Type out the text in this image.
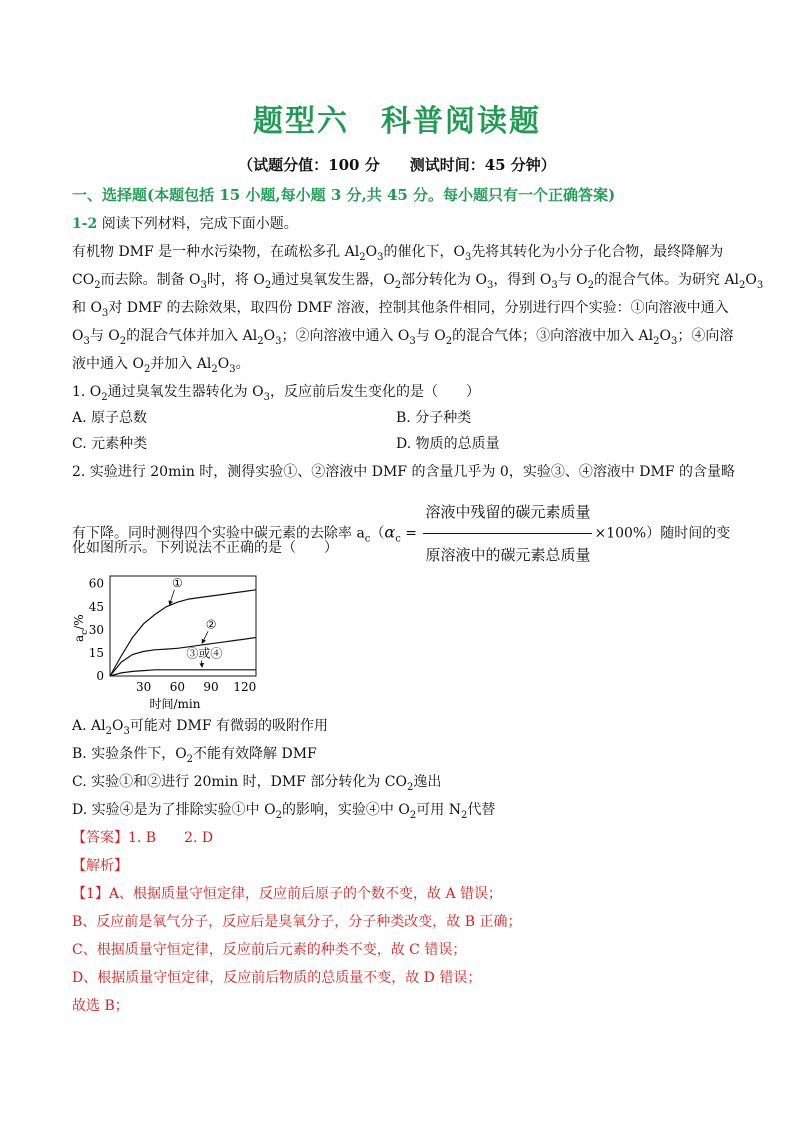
题型六　科普阅读题
（试题分值：100 分　　测试时间：45 分钟）
一、选择题(本题包括 15 小题,每小题 3 分,共 45 分。每小题只有一个正确答案)
1-2 阅读下列材料，完成下面小题。
有机物 DMF 是一种水污染物，在疏松多孔 $Al_2O_3$的催化下，$O_3$先将其转化为小分子化合物，最终降解为
$CO_2$而去除。制备 $O_3$时，将 $O_2$通过臭氧发生器，$O_2$部分转化为 $O_3$，得到 $O_3$与 $O_2$的混合气体。为研究 $Al_2O_3$
和 $O_3$对 DMF 的去除效果，取四份 DMF 溶液，控制其他条件相同，分别进行四个实验：①向溶液中通入
$O_3$与 $O_2$的混合气体并加入 $Al_2O_3$；②向溶液中通入 $O_3$与 $O_2$的混合气体；③向溶液中加入 $Al_2O_3$；④向溶
液中通入 $O_2$并加入 $Al_2O_3$。
1. $O_2$通过臭氧发生器转化为 $O_3$，反应前后发生变化的是（　　）
A. 原子总数	B. 分子种类
C. 元素种类	D. 物质的总质量
2. 实验进行 20min 时，测得实验①、②溶液中 DMF 的含量几乎为 0，实验③、④溶液中 DMF 的含量略
有下降。同时测得四个实验中碳元素的去除率 $a_c(\alpha_c = \frac{\text{溶液中残留的碳元素质量}}{\text{原溶液中的碳元素总质量}} \times 100\%)$随时间的变
化如图所示。下列说法不正确的是（　　）
0
15
30
45
60
30 60 90 120
时间/min
$a_c/\%$
①
②
③或④
A. $Al_2O_3$可能对 DMF 有微弱的吸附作用
B. 实验条件下，$O_2$不能有效降解 DMF
C. 实验①和②进行 20min 时，DMF 部分转化为 $CO_2$逸出
D. 实验④是为了排除实验①中 $O_2$的影响，实验④中 $O_2$可用 $N_2$代替
【答案】1. B　　2. D
【解析】
【1】A、根据质量守恒定律，反应前后原子的个数不变，故 A 错误；
B、反应前是氧气分子，反应后是臭氧分子，分子种类改变，故 B 正确；
C、根据质量守恒定律，反应前后元素的种类不变，故 C 错误；
D、根据质量守恒定律，反应前后物质的总质量不变，故 D 错误；
故选 B；
